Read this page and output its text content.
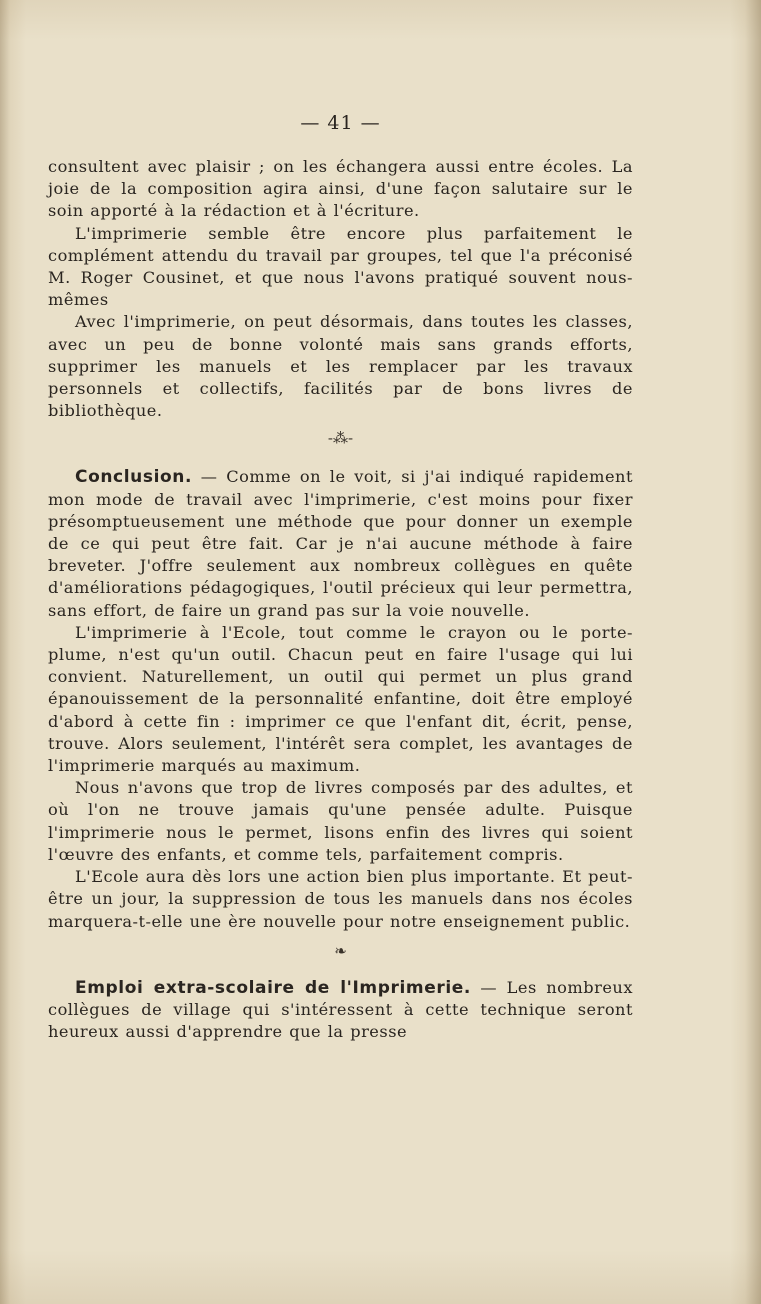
— 41 —

consultent avec plaisir ; on les échangera aussi entre écoles. La joie de la composition agira ainsi, d'une façon salutaire sur le soin apporté à la rédaction et à l'écriture.

L'imprimerie semble être encore plus parfaitement le complément attendu du travail par groupes, tel que l'a préconisé M. Roger Cousinet, et que nous l'avons pratiqué souvent nous-mêmes

Avec l'imprimerie, on peut désormais, dans toutes les classes, avec un peu de bonne volonté mais sans grands efforts, supprimer les manuels et les remplacer par les travaux personnels et collectifs, facilités par de bons livres de bibliothèque.

-⁂-

Conclusion. — Comme on le voit, si j'ai indiqué rapidement mon mode de travail avec l'imprimerie, c'est moins pour fixer présomptueusement une méthode que pour donner un exemple de ce qui peut être fait. Car je n'ai aucune méthode à faire breveter. J'offre seulement aux nombreux collègues en quête d'améliorations pédagogiques, l'outil précieux qui leur permettra, sans effort, de faire un grand pas sur la voie nouvelle.

L'imprimerie à l'Ecole, tout comme le crayon ou le porte-plume, n'est qu'un outil. Chacun peut en faire l'usage qui lui convient. Naturellement, un outil qui permet un plus grand épanouissement de la personnalité enfantine, doit être employé d'abord à cette fin : imprimer ce que l'enfant dit, écrit, pense, trouve. Alors seulement, l'intérêt sera complet, les avantages de l'imprimerie marqués au maximum.

Nous n'avons que trop de livres composés par des adultes, et où l'on ne trouve jamais qu'une pensée adulte. Puisque l'imprimerie nous le permet, lisons enfin des livres qui soient l'œuvre des enfants, et comme tels, parfaitement compris.

L'Ecole aura dès lors une action bien plus importante. Et peut-être un jour, la suppression de tous les manuels dans nos écoles marquera-t-elle une ère nouvelle pour notre enseignement public.

❧

Emploi extra-scolaire de l'Imprimerie. — Les nombreux collègues de village qui s'intéressent à cette technique seront heureux aussi d'apprendre que la presse
